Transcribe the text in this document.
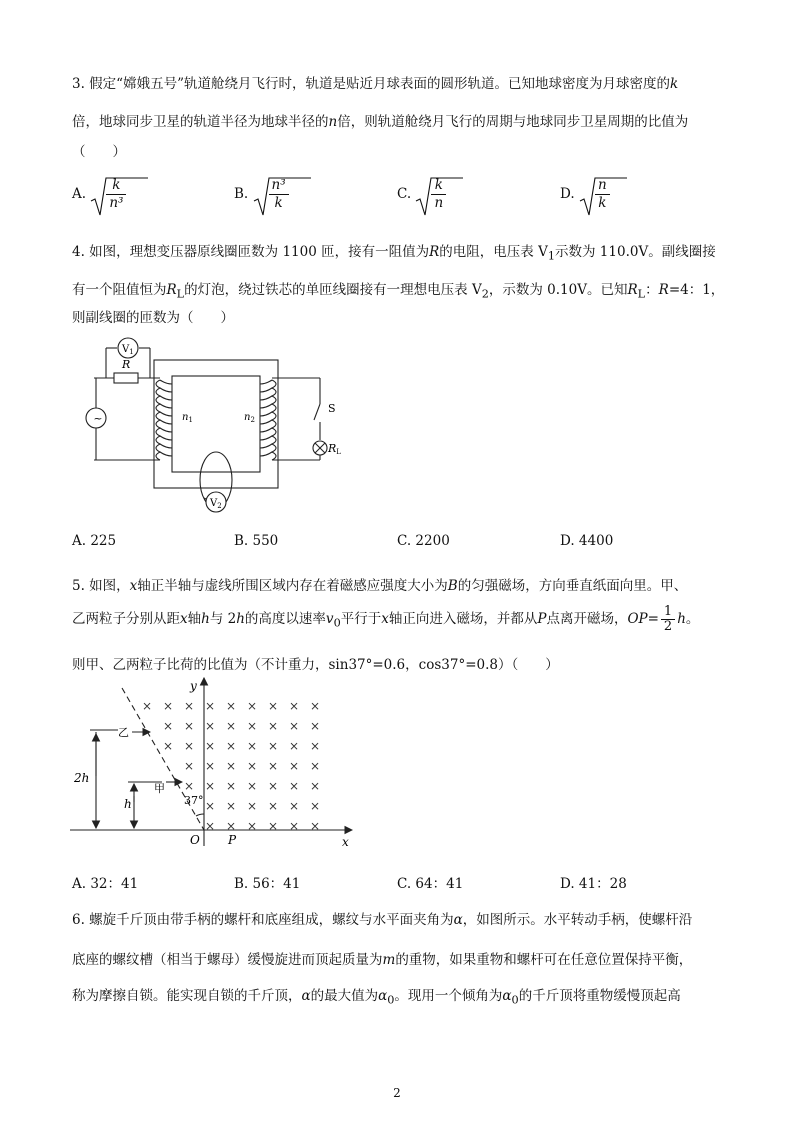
3. 假定“嫦娥五号”轨道舱绕月飞行时，轨道是贴近月球表面的圆形轨道。已知地球密度为月球密度的k
倍，地球同步卫星的轨道半径为地球半径的n倍，则轨道舱绕月飞行的周期与地球同步卫星周期的比值为
（　　）
A. $\frac{k}{\text{n³}}$	B. $\frac{\text{n³}}{k}$	C. $\frac{k}{n}$	D. $\frac{n}{k}$
4. 如图，理想变压器原线圈匝数为 1100 匝，接有一阻值为R的电阻，电压表 $V_1$示数为 110.0V。副线圈接
有一个阻值恒为$R_L$的灯泡，绕过铁芯的单匝线圈接有一理想电压表 $V_2$，示数为 0.10V。已知$R_L$：R=4：1，
则副线圈的匝数为（　　）
~
$V_1$
R
$n_1$	$n_2$
S
RL
$V_2$
A. 225	B. 550	C. 2200	D. 4400
5. 如图，x轴正半轴与虚线所围区域内存在着磁感应强度大小为B的匀强磁场，方向垂直纸面向里。甲、
乙两粒子分别从距x轴h与 2h的高度以速率$v_0$平行于x轴正向进入磁场，并都从P点离开磁场，$OP= \frac{1}{2}$ h。
则甲、乙两粒子比荷的比值为（不计重力，sin37°=0.6，cos37°=0.8）（　　）
× × × × × × × × ×
× × × × × × × ×
× × × × × × × ×
× × × × × × ×
× × × × × × ×
× × × × × ×
× × × × × ×
y
x
O P
2h
h
甲
乙
37°
A. 32：41	B. 56：41	C. 64：41	D. 41：28
6. 螺旋千斤顶由带手柄的螺杆和底座组成，螺纹与水平面夹角为α，如图所示。水平转动手柄，使螺杆沿
底座的螺纹槽（相当于螺母）缓慢旋进而顶起质量为m的重物，如果重物和螺杆可在任意位置保持平衡，
称为摩擦自锁。能实现自锁的千斤顶，α的最大值为$\alpha_0$。现用一个倾角为$\alpha_0$的千斤顶将重物缓慢顶起高
2
